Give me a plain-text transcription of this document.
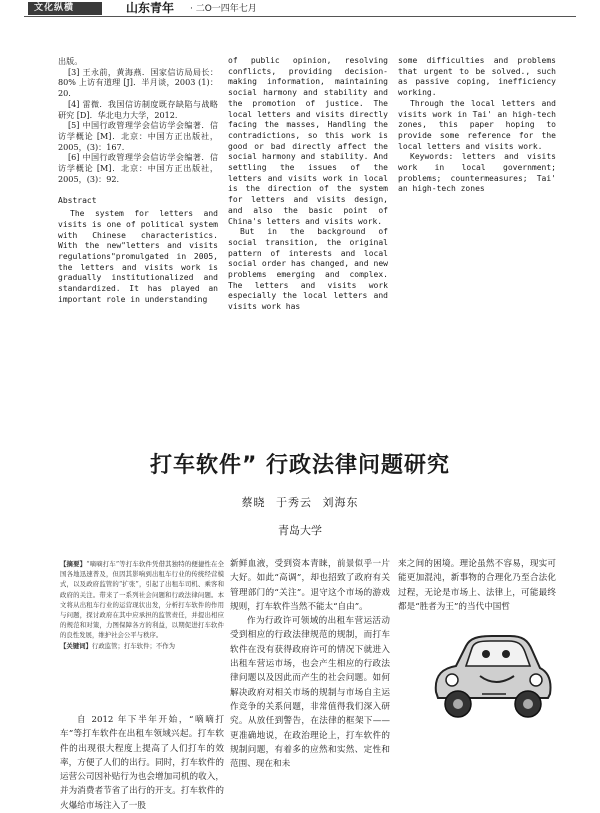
文化纵横	山东青年 · 二O一四年七月

出版。

[3] 王永前，黄海燕．国家信访局局长：80% 上访有道理 [J]．半月谈，2003 (1)：20.

[4] 雷微．我国信访制度既存缺陷与战略研究 [D]．华北电力大学，2012.

[5] 中国行政管理学会信访学会编著．信访学概论 [M]．北京：中国方正出版社，2005，(3)：167.

[6] 中国行政管理学会信访学会编著．信访学概论 [M]．北京：中国方正出版社，2005，(3)：92.

Abstract

The system for letters and visits is one of political system with Chinese characteristics. With the new"letters and visits regulations"promulgated in 2005, the letters and visits work is gradually institutionalized and standardized. It has played an important role in understanding

of public opinion, resolving conflicts, providing decision-making information, maintaining social harmony and stability and the promotion of justice. The local letters and visits directly facing the masses, Handling the contradictions, so this work is good or bad directly affect the social harmony and stability. And settling the issues of the letters and visits work in local is the direction of the system for letters and visits design, and also the basic point of China's letters and visits work.

But in the background of social transition, the original pattern of interests and local social order has changed, and new problems emerging and complex. The letters and visits work especially the local letters and visits work has

some difficulties and problems that urgent to be solved., such as passive coping, inefficiency working.

Through the local letters and visits work in Tai' an high-tech zones, this paper hoping to provide some reference for the local letters and visits work.

Keywords: letters and visits work in local government; problems; countermeasures; Tai' an high-tech zones

打车软件” 行政法律问题研究
蔡晓 于秀云 刘海东
青岛大学

【摘要】“嘀嘀打车”等打车软件凭借其独特的便捷性在全国各地迅速普及，但因其影响到出租车行业的传统经营模式，以及政府监管的“扩张”，引起了出租车司机、乘客和政府的关注。带来了一系列社会问题和行政法律问题。本文将从出租车行业的运营现状出发，分析打车软件的作用与问题，探讨政府在其中应承担的监管责任，并提出相应的规范和对策，力图保障各方的利益，以期促进打车软件的良性发展，维护社会公平与秩序。

【关键词】行政监管；打车软件；不作为

自 2012 年下半年开始，“嘀嘀打车”等打车软件在出租车领域兴起。打车软件的出现很大程度上提高了人们打车的效率，方便了人们的出行。同时，打车软件的运营公司因补贴行为也会增加司机的收入，并为消费者节省了出行的开支。打车软件的火爆给市场注入了一股

新鲜血液，受到资本青睐，前景似乎一片大好。如此“高调”，却也招致了政府有关管理部门的“关注”。退守这个市场的游戏规则，打车软件当然不能太“自由”。

作为行政许可领域的出租车营运活动受到相应的行政法律规范的规制，而打车软件在没有获得政府许可的情况下就进入出租车营运市场，也会产生相应的行政法律问题以及因此而产生的社会问题。如何解决政府对相关市场的规制与市场自主运作竞争的关系问题，非常值得我们深入研究。从放任到警告，在法律的框架下——更准确地说，在政治理论上，打车软件的规制问题，有着多的应然和实然、定性和范围、现在和未

来之间的困境。理论虽然不容易，现实可能更加混沌，新事物的合理化乃至合法化过程，无论是市场上、法律上，可能最终都是“胜者为王”的当代中国哲
